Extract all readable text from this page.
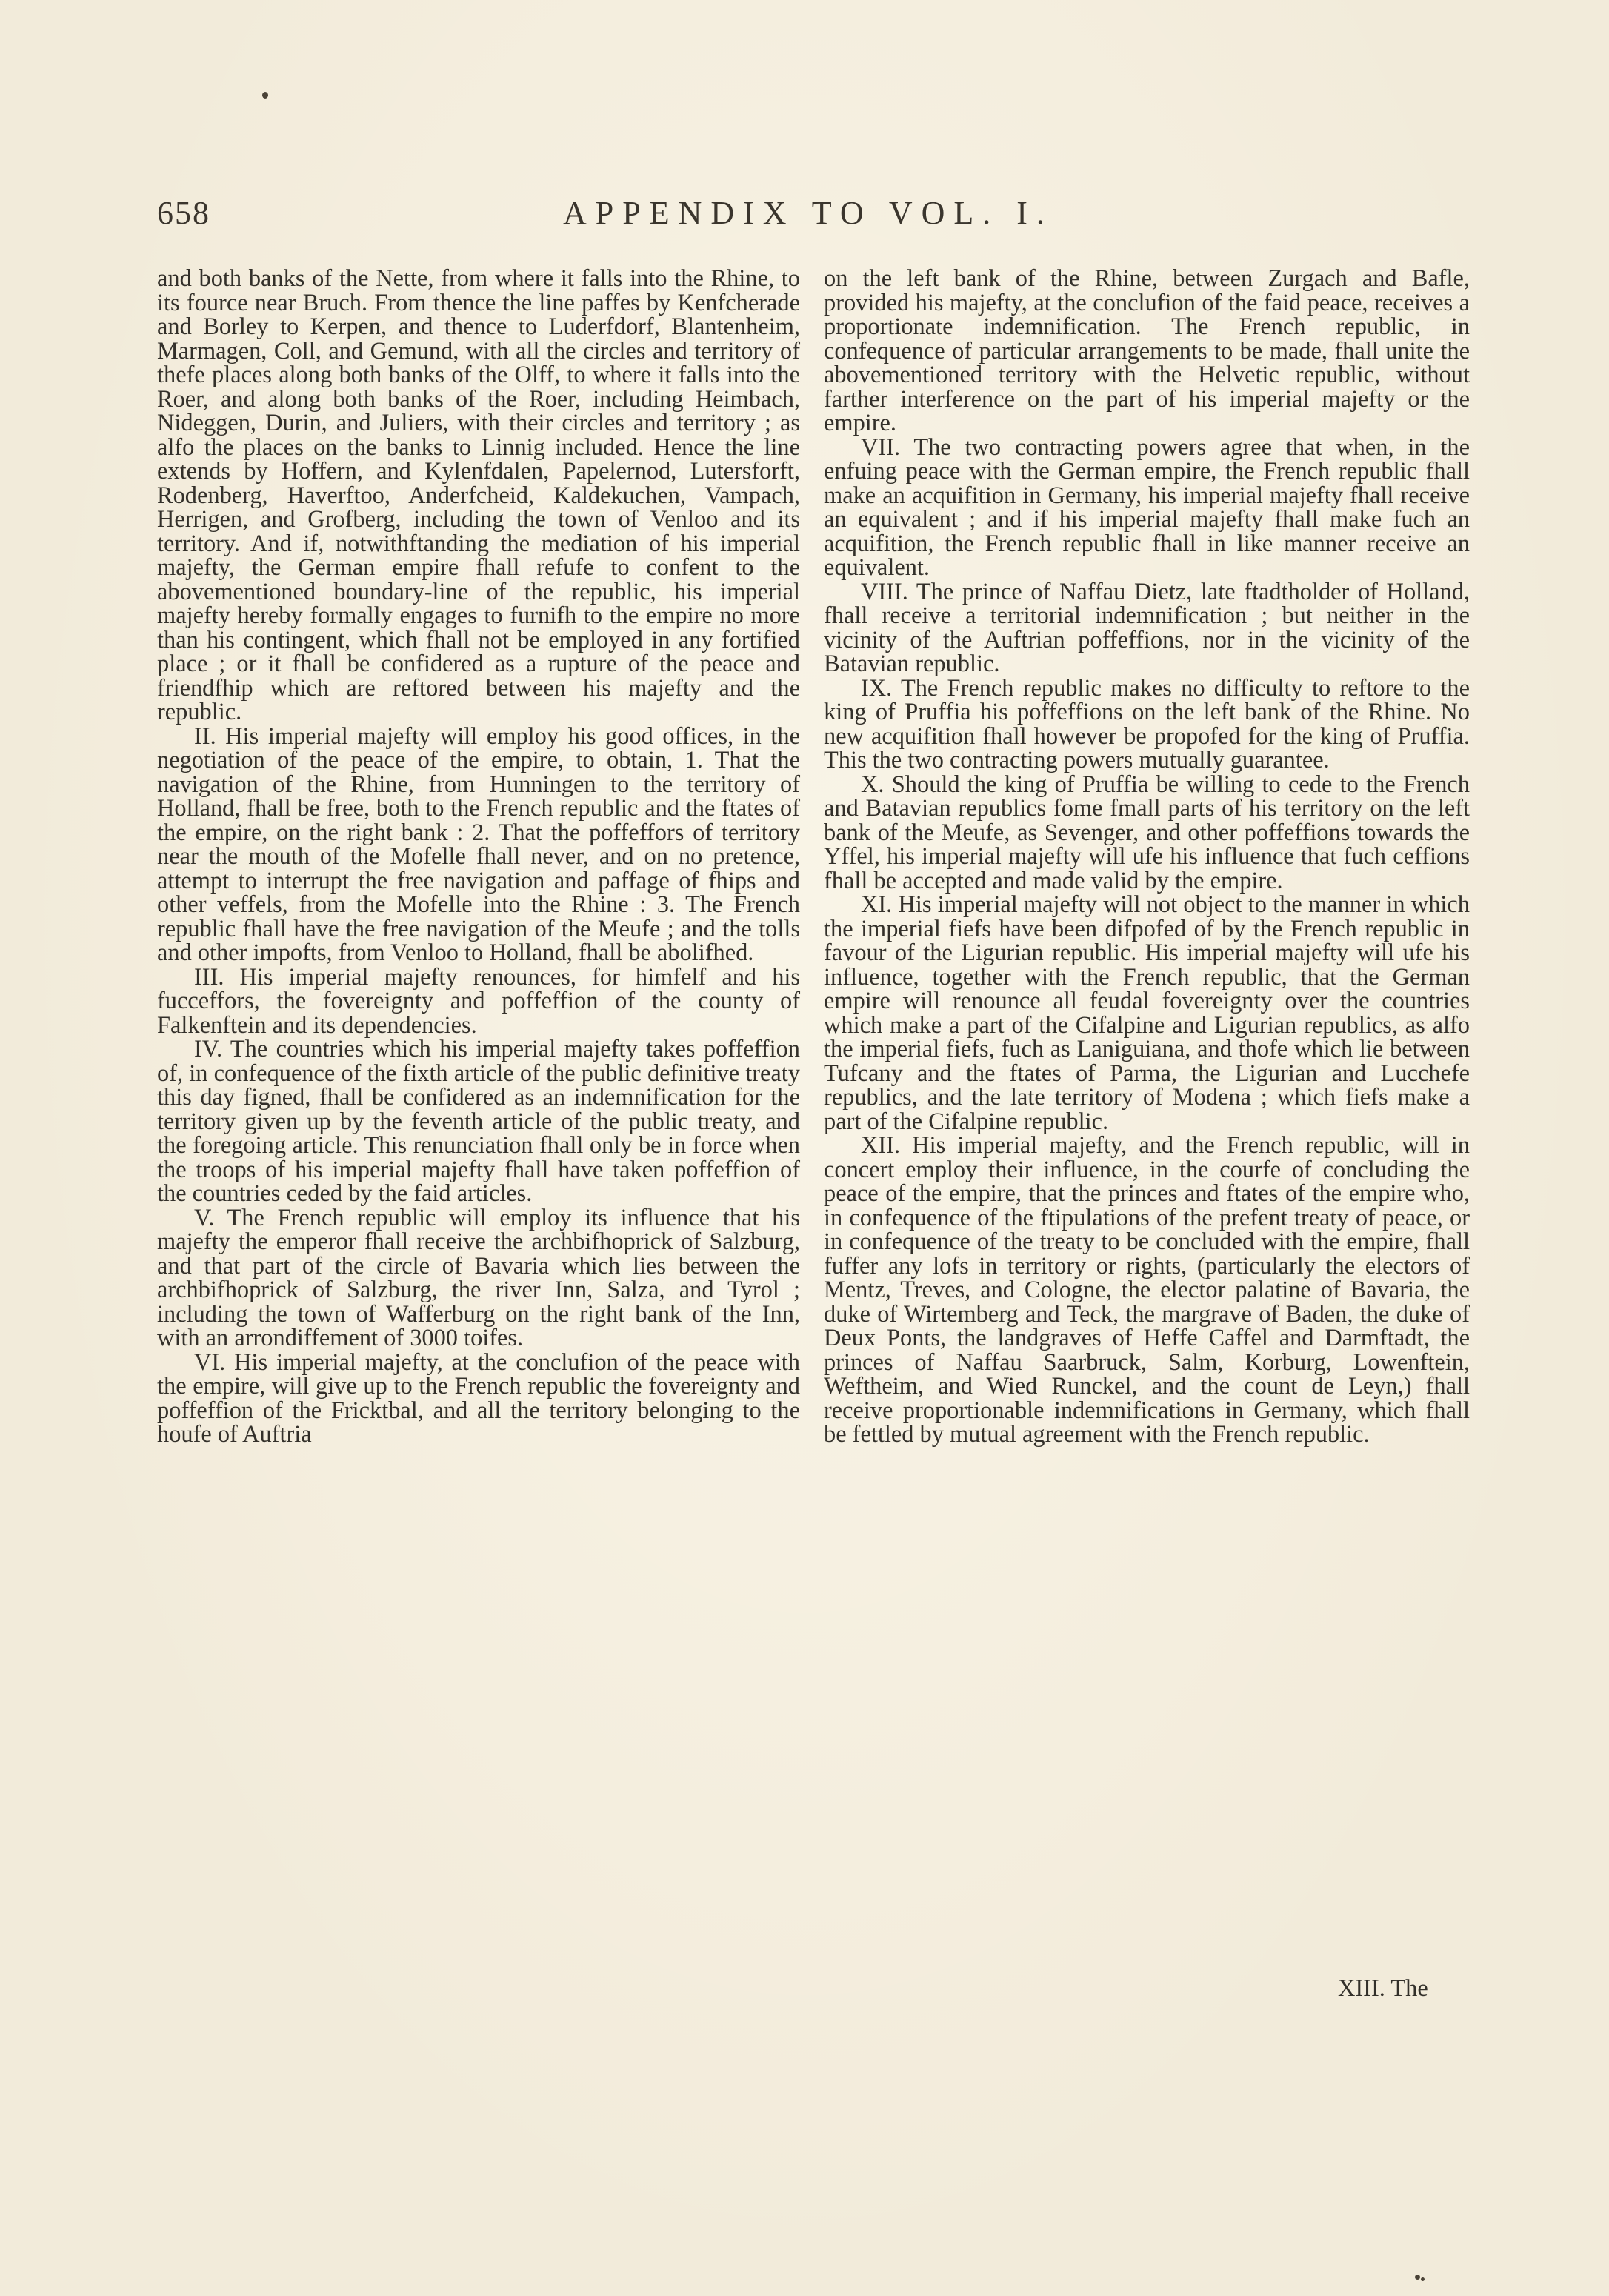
658	APPENDIX TO VOL. I.

and both banks of the Nette, from where it falls into the Rhine, to its fource near Bruch. From thence the line paffes by Kenfcherade and Borley to Kerpen, and thence to Luderfdorf, Blantenheim, Marmagen, Coll, and Gemund, with all the circles and territory of thefe places along both banks of the Olff, to where it falls into the Roer, and along both banks of the Roer, including Heimbach, Nideggen, Durin, and Juliers, with their circles and territory ; as alfo the places on the banks to Linnig included. Hence the line extends by Hoffern, and Kylenfdalen, Papelernod, Lutersforft, Rodenberg, Haverftoo, Anderfcheid, Kaldekuchen, Vampach, Herrigen, and Grofberg, including the town of Venloo and its territory. And if, notwithftanding the mediation of his imperial majefty, the German empire fhall refufe to confent to the abovementioned boundary-line of the republic, his imperial majefty hereby formally engages to furnifh to the empire no more than his contingent, which fhall not be employed in any fortified place ; or it fhall be confidered as a rupture of the peace and friendfhip which are reftored between his majefty and the republic.

II. His imperial majefty will employ his good offices, in the negotiation of the peace of the empire, to obtain, 1. That the navigation of the Rhine, from Hunningen to the territory of Holland, fhall be free, both to the French republic and the ftates of the empire, on the right bank : 2. That the poffeffors of territory near the mouth of the Mofelle fhall never, and on no pretence, attempt to interrupt the free navigation and paffage of fhips and other veffels, from the Mofelle into the Rhine : 3. The French republic fhall have the free navigation of the Meufe ; and the tolls and other impofts, from Venloo to Holland, fhall be abolifhed.

III. His imperial majefty renounces, for himfelf and his fucceffors, the fovereignty and poffeffion of the county of Falkenftein and its dependencies.

IV. The countries which his imperial majefty takes poffeffion of, in confequence of the fixth article of the public definitive treaty this day figned, fhall be confidered as an indemnification for the territory given up by the feventh article of the public treaty, and the foregoing article. This renunciation fhall only be in force when the troops of his imperial majefty fhall have taken poffeffion of the countries ceded by the faid articles.

V. The French republic will employ its influence that his majefty the emperor fhall receive the archbifhoprick of Salzburg, and that part of the circle of Bavaria which lies between the archbifhoprick of Salzburg, the river Inn, Salza, and Tyrol ; including the town of Wafferburg on the right bank of the Inn, with an arrondiffement of 3000 toifes.

VI. His imperial majefty, at the conclufion of the peace with the empire, will give up to the French republic the fovereignty and poffeffion of the Fricktbal, and all the territory belonging to the houfe of Auftria

on the left bank of the Rhine, between Zurgach and Bafle, provided his majefty, at the conclufion of the faid peace, receives a proportionate indemnification. The French republic, in confequence of particular arrangements to be made, fhall unite the abovementioned territory with the Helvetic republic, without farther interference on the part of his imperial majefty or the empire.

VII. The two contracting powers agree that when, in the enfuing peace with the German empire, the French republic fhall make an acquifition in Germany, his imperial majefty fhall receive an equivalent ; and if his imperial majefty fhall make fuch an acquifition, the French republic fhall in like manner receive an equivalent.

VIII. The prince of Naffau Dietz, late ftadtholder of Holland, fhall receive a territorial indemnification ; but neither in the vicinity of the Auftrian poffeffions, nor in the vicinity of the Batavian republic.

IX. The French republic makes no difficulty to reftore to the king of Pruffia his poffeffions on the left bank of the Rhine. No new acquifition fhall however be propofed for the king of Pruffia. This the two contracting powers mutually guarantee.

X. Should the king of Pruffia be willing to cede to the French and Batavian republics fome fmall parts of his territory on the left bank of the Meufe, as Sevenger, and other poffeffions towards the Yffel, his imperial majefty will ufe his influence that fuch ceffions fhall be accepted and made valid by the empire.

XI. His imperial majefty will not object to the manner in which the imperial fiefs have been difpofed of by the French republic in favour of the Ligurian republic. His imperial majefty will ufe his influence, together with the French republic, that the German empire will renounce all feudal fovereignty over the countries which make a part of the Cifalpine and Ligurian republics, as alfo the imperial fiefs, fuch as Laniguiana, and thofe which lie between Tufcany and the ftates of Parma, the Ligurian and Lucchefe republics, and the late territory of Modena ; which fiefs make a part of the Cifalpine republic.

XII. His imperial majefty, and the French republic, will in concert employ their influence, in the courfe of concluding the peace of the empire, that the princes and ftates of the empire who, in confequence of the ftipulations of the prefent treaty of peace, or in confequence of the treaty to be concluded with the empire, fhall fuffer any lofs in territory or rights, (particularly the electors of Mentz, Treves, and Cologne, the elector palatine of Bavaria, the duke of Wirtemberg and Teck, the margrave of Baden, the duke of Deux Ponts, the landgraves of Heffe Caffel and Darmftadt, the princes of Naffau Saarbruck, Salm, Korburg, Lowenftein, Weftheim, and Wied Runckel, and the count de Leyn,) fhall receive proportionable indemnifications in Germany, which fhall be fettled by mutual agreement with the French republic.

XIII. The
